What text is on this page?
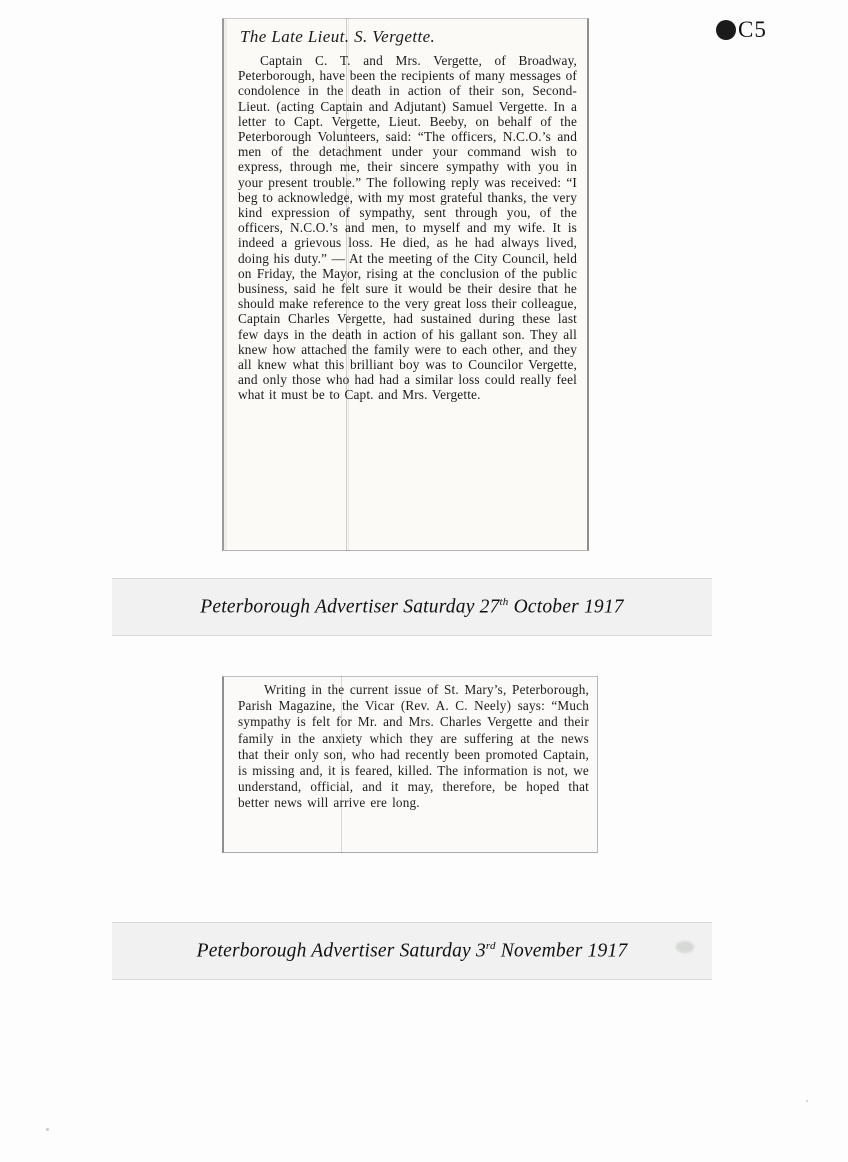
C5
The Late Lieut. S. Vergette.
Captain C. T. and Mrs. Vergette, of Broadway, Peterborough, have been the recipients of many messages of condolence in the death in action of their son, Second-Lieut. (acting Captain and Adjutant) Samuel Vergette. In a letter to Capt. Vergette, Lieut. Beeby, on behalf of the Peterborough Volunteers, said: “The officers, N.C.O.’s and men of the detachment under your command wish to express, through me, their sincere sympathy with you in your present trouble.” The following reply was received: “I beg to acknowledge, with my most grateful thanks, the very kind expression of sympathy, sent through you, of the officers, N.C.O.’s and men, to myself and my wife. It is indeed a grievous loss. He died, as he had always lived, doing his duty.” — At the meeting of the City Council, held on Friday, the Mayor, rising at the conclusion of the public business, said he felt sure it would be their desire that he should make reference to the very great loss their colleague, Captain Charles Vergette, had sustained during these last few days in the death in action of his gallant son. They all knew how attached the family were to each other, and they all knew what this brilliant boy was to Councilor Vergette, and only those who had had a similar loss could really feel what it must be to Capt. and Mrs. Vergette.
Peterborough Advertiser Saturday 27th October 1917
Writing in the current issue of St. Mary’s, Peterborough, Parish Magazine, the Vicar (Rev. A. C. Neely) says: “Much sympathy is felt for Mr. and Mrs. Charles Vergette and their family in the anxiety which they are suffering at the news that their only son, who had recently been promoted Captain, is missing and, it is feared, killed. The information is not, we understand, official, and it may, therefore, be hoped that better news will arrive ere long.
Peterborough Advertiser Saturday 3rd November 1917
